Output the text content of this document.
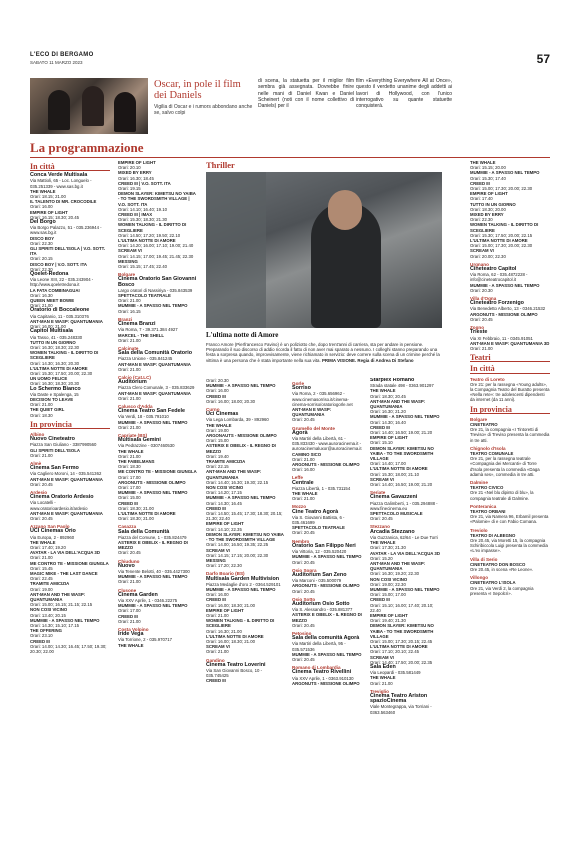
L'ECO DI BERGAMO
SABATO 11 MARZO 2023	57
Oscar, in pole il film dei Daniels
Vigilia di Oscar e i rumors abbondano anche se, salvo colpi
di scena, la statuetta per il miglior film sembra già assegnata. Dovrebbe finire nelle mani di Daniel Kwan e Daniel Scheinert (noti con il nome collettivo di Daniels) per il
film «Everything Everywhere All at Once», questo il verdetto unanime degli addetti ai lavori di Hollywood, con l'unico interrogativo su quante statuette conquisterà.
La programmazione
In città
Conca Verde Multisala
Via Mattioli, 65 - Loc. Longuelo - 035.251339 - www.sas.bg.it
THE WHALE
Orari: 18.15; 21.00
IL TALENTO DI MR. CROCODILE
Orari: 16.00
EMPIRE OF LIGHT
Orari: 16.15; 18.30; 20.45
Del Borgo
Via Borgo Palazzo, 51 - 035.236944 - www.sas.bg.it
DISCO BOY
Orari: 22.30
GLI SPIRITI DELL'ISOLA | V.O. SOTT. ITA
Orari: 20.15
DISCO BOY | V.O. SOTT. ITA
Orari: 22.30
Qoelet-Redona
Via Leone XIII, 22 - 035.243904 - http://www.qoeletredona.it
LA FATA COMBINAGUAI
Orari: 16.30
QUEEN MEET BOWIE
Orari: 21.00
Oratorio di Boccaleone
Via Capitanio, 11 - 035.310376
ANT-MAN E WASP: QUANTUMANIA
Orari: 16.00; 21.00
Capitol Multisala
Via Tasso, 41 - 035.248330
TUTTO IN UN GIORNO
Orari: 16.30; 18.30; 22.30
WOMEN TALKING - IL DIRITTO DI SCEGLIERE
Orari: 14.30; 16.30; 20.30
L'ULTIMA NOTTE DI AMORE
Orari: 15.30; 17.50; 20.00; 22.30
UN UOMO FELICE
Orari: 16.30; 18.30; 20.30
Lo Schermo Bianco
Via Daste e Spalenga, 15
DECISION TO LEAVE
Orari: 21.00
THE QUIET GIRL
Orari: 18.30
In provincia
Albino
Nuovo Cineteatro
Piazza San Giuliano - 3387990560
GLI SPIRITI DELL'ISOLA
Orari: 21.00
Almè
Cinema San Fermo
Via Cagliero Moroni, 14 - 035.541362
ANT-MAN E WASP: QUANTUMANIA
Orari: 20.45
Ardesio
Cinema Oratorio Ardesio
Via Locatelli - www.oratorioardesio.it/ardesio
ANT-MAN E WASP: QUANTUMANIA
Orari: 20.45
Azzano San Paolo
UCI Cinemas Orio
Via Europa, 2 - 892960
THE WHALE
Orari: 17.40; 19.20
AVATAR - LA VIA DELL'ACQUA 3D
Orari: 21.00
ME CONTRO TE - MISSIONE GIUNGLA
Orari: 15.45
MAGIC MIKE - THE LAST DANCE
Orari: 22.45
TRAMITE AMICIZIA
Orari: 19.00
ANT-MAN AND THE WASP: QUANTUMANIA
Orari: 15.00; 16.15; 21.15; 22.15
NON COSI VICINO
Orari: 13.40; 20.15
MUMMIE - A SPASSO NEL TEMPO
Orari: 14.30; 15.10; 17.15
THE OFFERING
Orari: 23.10
CREED III
Orari: 14.00; 14.30; 16.45; 17.50; 19.30; 20.30; 22.00
EMPIRE OF LIGHT
Orari: 20.10
MIXED BY ERRY
Orari: 16.30; 18.45
CREED III | V.O. SOTT. ITA
Orari: 19.15
DEMON SLAYER: KIMETSU NO YAIBA - TO THE SWORDSMITH VILLAGE | V.O. SOTT. ITA
Orari: 14.10; 16.40; 19.10
CREED III | IMAX
Orari: 15.30; 18.30; 21.30
WOMEN TALKING - IL DIRITTO DI SCEGLIERE
Orari: 14.50; 17.20; 19.50; 22.10
L'ULTIMA NOTTE DI AMORE
Orari: 14.20; 16.00; 17.10; 19.00; 21.40
SCREAM VI
Orari: 14.15; 17.00; 19.45; 21.45; 22.30
MESSING
Orari: 15.15; 17.45; 22.40
Bolgare
Cinema Oratorio San Giovanni Bosco
Largo oratori di Nassiriya - 035.843539
SPETTACOLO TEATRALE
Orari: 21.00
MUMMIE - A SPASSO NEL TEMPO
Orari: 16.15
Branzi
Cinema Branzi
Via Roma, 7 - 39.371.384 4927
MARCEL - THE SHELL
Orari: 21.00
Calcinate
Sala della Comunità Oratorio
Piazza Unione - 035.841245
ANT-MAN E WASP: QUANTUMANIA
Orari: 21.00
Calcio (Cat.LC)
Auditorium
Piazza Clero Comunale, 3 - 035.833629
ANT-MAN E WASP: QUANTUMANIA
Orari: 21.00
Calusco d'Adda
Cinema Teatro San Fedele
Via Verdi, 18 - 035.791010
MUMMIE - A SPASSO NEL TEMPO
Orari: 21.00
Capriate (BS)
Multisala Gemini
Via Pedrazzine - 0307460530
THE WHALE
Orari: 21.00
THE FABELMANS
Orari: 18.30
ME CONTRO TE - MISSIONE GIUNGLA
Orari: 17.00
ARGONUTS - MISSIONE OLIMPO
Orari: 17.00
MUMMIE - A SPASSO NEL TEMPO
Orari: 15.00
CREED III
Orari: 18.30; 21.00
L'ULTIMA NOTTE DI AMORE
Orari: 18.30; 21.00
Casazza
Sala della Comunità
Piazza del Comune, 1 - 035.824479
ASTERIX E OBELIX - IL REGNO DI MEZZO
Orari: 20.45
Chiuduno
Nuovo
Via Tenente Belotti, 40 - 035.4427300
MUMMIE - A SPASSO NEL TEMPO
Orari: 21.00
Clusone
Cinema Garden
Via XXV Aprile, 1 - 0346.22275
MUMMIE - A SPASSO NEL TEMPO
Orari: 17.00
CREED III
Orari: 21.00
Costa Volpino
Iride Vega
Via Torrione, 2 - 035.970717
THE WHALE
Thriller
L'ultima notte di Amore
Franco Amore (Pierfrancesco Favino) è un poliziotto che, dopo trent'anni di carriera, sta per andare in pensione. Preparando il suo discorso di addio ricorda il fatto di non aver mai sparato a nessuno. I colleghi stanno preparando una festa a sorpresa quando, improvvisamente, viene richiamato in servizio: deve correre sulla scena di un crimine perché la vittima è una persona che è stata importante nella sua vita. PRIMA VISIONE. Regia di Andrea Di Stefano
Orari: 20.30
MUMMIE - A SPASSO NEL TEMPO
Orari: 16.00
CREED III
Orari: 16.00; 18.00; 20.30
Curno
Uci Cinemas
Via Lega Lombarda, 39 - 892960
THE WHALE
Orari: 19.00
ARGONAUTS - MISSIONE OLIMPO
Orari: 15.00
ASTERIX E OBELIX - IL REGNO DI MEZZO
Orari: 19.40
TRAMITE AMICIZIA
Orari: 22.15
ANT-MAN AND THE WASP: QUANTUMANIA
Orari: 14.40; 16.30; 19.30; 22.15
NON COSI VICINO
Orari: 14.20; 17.15
MUMMIE - A SPASSO NEL TEMPO
Orari: 14.30; 16.45
CREED III
Orari: 14.50; 15.45; 17.30; 18.30; 20.15; 21.30; 22.40
EMPIRE OF LIGHT
Orari: 14.10; 22.35
DEMON SLAYER: KIMETSU NO YAIBA - TO THE SWORDSMITH VILLAGE
Orari: 14.00; 16.50; 19.35; 22.25
SCREAM VI
Orari: 14.15; 17.15; 20.00; 22.30
MESSING
Orari: 17.20; 22.30
Darfo Boario (BS)
Multisala Garden Multivision
Piazza Medaglie d'oro 2 - 0364.529101
MUMMIE - A SPASSO NEL TEMPO
Orari: 16.00
CREED III
Orari: 16.00; 18.30; 21.00
EMPIRE OF LIGHT
Orari: 21.00
WOMEN TALKING - IL DIRITTO DI SCEGLIERE
Orari: 16.30; 21.00
L'ULTIMA NOTTE DI AMORE
Orari: 16.00; 18.30; 21.00
SCREAM VI
Orari: 21.00
Gandino
Cinema Teatro Loverini
Via San Giovanni Bosco, 10 - 035.745425
CREED III
Gorle
Sorriso
Via Roma, 2 - 035.656962 - www.cinemasorriso.it/cinema-cinema-sorriso/oratoriogorle.net
ANT-MAN E WASP: QUANTUMANIA
Orari: 20.45
Grumello del Monte
Agorà
Via Martiri della Libertà, 61 - 035.833430 - www.auroracinema.it - auroracinemaluxor@auroracinema.it
CAMINO SICO
Orari: 21.00
ARGONUTS - MISSIONE OLIMPO
Orari: 16.00
Leffe
Centrale
Piazza Libertà, 1 - 035.731154
THE WHALE
Orari: 21.00
Mozzo
Cine Teatro Agorà
Via S. Giovanni Battista, 6 - 035.461699
SPETTACOLO TEATRALE
Orari: 20.45
Nembro
Oratorio San Filippo Neri
Via Vittoria, 12 - 035.520420
MUMMIE - A SPASSO NEL TEMPO
Orari: 20.45
Osio Sopra
Auditorium San Zeno
Via Marconi - 035.500079
ARGONUTS - MISSIONE OLIMPO
Orari: 20.45
Osio Sotto
Auditorium Osio Sotto
Via S. Alessandro - 035.881377
ASTERIX E OBELIX - IL REGNO DI MEZZO
Orari: 20.45
Petosino
Sala della comunità Agorà
Via Martiri della Libertà, 95 - 035.571536
MUMMIE - A SPASSO NEL TEMPO
Orari: 20.45
Romano di Lombardia
Cinema Teatro Rivellini
Via XXV Aprile, 1 - 0363.910130
ARGONUTS - MISSIONE OLIMPO
Starplex Romano
Strada statale 498 - 0363.901297
THE WHALE
Orari: 18.30; 20.45
ANT-MAN AND THE WASP: QUANTUMANIA
Orari: 16.30; 21.20
MUMMIE - A SPASSO NEL TEMPO
Orari: 14.30; 16.40
CREED III
Orari: 14.40; 16.50; 19.00; 21.20
EMPIRE OF LIGHT
Orari: 15.10
DEMON SLAYER: KIMETSU NO YAIBA - TO THE SWORDSMITH VILLAGE
Orari: 14.40; 17.00
L'ULTIMA NOTTE DI AMORE
Orari: 15.30; 18.00; 21.10
SCREAM VI
Orari: 14.40; 16.50; 19.00; 21.20
Seriate
Cinema Gavazzeni
Piazza Galimberti, 1 - 035.294888 - www.finecinema.eu
SPETTACOLO MUSICALE
Orari: 20.45
Stezzano
Arcadia Stezzano
Via Guzzanica, 62/64 - Le Due Torri
THE WHALE
Orari: 17.30; 21.30
AVATAR - LA VIA DELL'ACQUA 3D
Orari: 15.20
ANT-MAN AND THE WASP: QUANTUMANIA
Orari: 16.30; 19.20; 22.30
NON COSI VICINO
Orari: 19.00; 22.30
MUMMIE - A SPASSO NEL TEMPO
Orari: 15.00; 17.00
CREED III
Orari: 15.10; 16.00; 17.40; 20.10; 22.40
EMPIRE OF LIGHT
Orari: 19.40; 21.30
DEMON SLAYER: KIMETSU NO YAIBA - TO THE SWORDSMITH VILLAGE
Orari: 15.00; 17.30; 20.15; 22.45
L'ULTIMA NOTTE DI AMORE
Orari: 17.10; 20.10; 22.45
SCREAM VI
Orari: 14.40; 17.50; 20.00; 22.35
Sala Eden
Via Leopardi - 035.581449
THE WHALE
Orari: 21.00
Treviglio
Cinema Teatro Ariston spazioCinema
Viale Montegrappa, via Torriani - 0363.563460
THE WHALE
Orari: 15.15; 20.00
MUMMIE - A SPASSO NEL TEMPO
Orari: 15.30; 17.40
CREED III
Orari: 15.00; 17.30; 20.00; 22.30
EMPIRE OF LIGHT
Orari: 17.40
TUTTO IN UN GIORNO
Orari: 18.30; 20.00
MIXED BY ERRY
Orari: 22.30
WOMEN TALKING - IL DIRITTO DI SCEGLIERE
Orari: 15.30; 17.50; 20.00; 22.15
L'ULTIMA NOTTE DI AMORE
Orari: 15.00; 17.30; 20.00; 22.30
SCREAM VI
Orari: 20.00; 22.30
Urgnano
Cineteatro Capitol
Via Roma, 62 - 035.4872228 - info@cineteatrocapitol.it
MUMMIE - A SPASSO NEL TEMPO
Orari: 20.30
Villa d'Ogna
Cineteatro Forzenigo
Via Benedetto Alberto, 13 - 0346.21532
ARGONUTS - MISSIONE OLIMPO
Orari: 20.45
Zogno
Trieste
Via XI Febbraio, 11 - 0345.91051
ANT-MAN E WASP: QUANTUMANIA 3D
Orari: 21.00
Teatri
In città
Teatro di Loreto
Ore 21: per la rassegna «Young adults», la Compagnia Teatro del Buratto presenta «Nella rete»: tre adolescenti dipendenti da internet (da 11 anni).
In provincia
Bolgare
CINETEATRO
Ore 21, la compagnia «I Tintoretti di Treviso» di Treviso presenta la commedia in tre atti.
Chignolo d'Isola
TEATRO COMUNALE
Ore 21, per la rassegna teatrale «Compagnia dei Mercanti» di Torre d'Isola presenta la commedia «Daga adamà ses», commedia in tre atti.
Dalmine
TEATRO CIVICO
Ore 21 «Nel blu dipinto di blu», la compagnia teatrale di Dalmine.
Ponteranica
TEATRO ORBANI
Ore 21, via Namera 96, Erbamil presenta «Palomie» di e con Fabio Comana.
Treviolo
TEATRO DI ALBEGNO
Ore 20.45, via Moretti 15, la compagnia Schiribiccola Luigi presenta la commedia «L'ex impasse».
Villa di Serio
CINETEATRO DON BOSCO
Ore 20.45, in scena «Re Leone».
Villongo
CINETEATRO L'ISOLA
Ore 21, via Verdi 2, la compagnia presenta «I Sepolcri».
